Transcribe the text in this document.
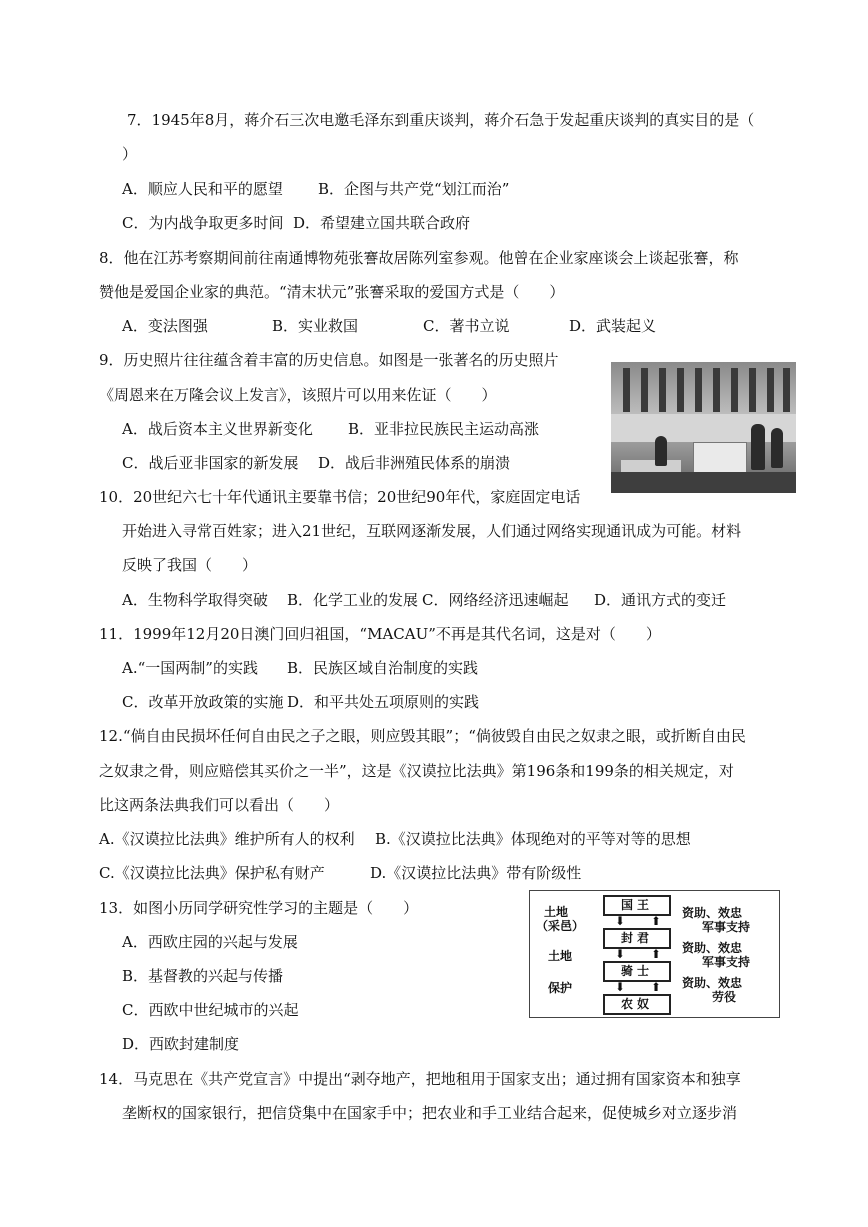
7．1945年8月，蒋介石三次电邀毛泽东到重庆谈判，蒋介石急于发起重庆谈判的真实目的是（
）
A．顺应人民和平的愿望 B．企图与共产党“划江而治”
C．为内战争取更多时间 D．希望建立国共联合政府
8．他在江苏考察期间前往南通博物苑张謇故居陈列室参观。他曾在企业家座谈会上谈起张謇，称
赞他是爱国企业家的典范。“清末状元”张謇采取的爱国方式是（　　）
A．变法图强	B．实业救国	C．著书立说	D．武装起义
9．历史照片往往蕴含着丰富的历史信息。如图是一张著名的历史照片
《周恩来在万隆会议上发言》，该照片可以用来佐证（　　）
A．战后资本主义世界新变化 B．亚非拉民族民主运动高涨
C．战后亚非国家的新发展 D．战后非洲殖民体系的崩溃
10．20世纪六七十年代通讯主要靠书信；20世纪90年代，家庭固定电话
开始进入寻常百姓家；进入21世纪，互联网逐渐发展，人们通过网络实现通讯成为可能。材料
反映了我国（　　）
A．生物科学取得突破 B．化学工业的发展 C．网络经济迅速崛起 D．通讯方式的变迁
11．1999年12月20日澳门回归祖国，“MACAU”不再是其代名词，这是对（　　）
A.“一国两制”的实践 B．民族区域自治制度的实践
C．改革开放政策的实施 D．和平共处五项原则的实践
12.“倘自由民损坏任何自由民之子之眼，则应毁其眼”；“倘彼毁自由民之奴隶之眼，或折断自由民
之奴隶之骨，则应赔偿其买价之一半”，这是《汉谟拉比法典》第196条和199条的相关规定，对
比这两条法典我们可以看出（　　）
A.《汉谟拉比法典》维护所有人的权利 B.《汉谟拉比法典》体现绝对的平等对等的思想
C.《汉谟拉比法典》保护私有财产	D.《汉谟拉比法典》带有阶级性
13．如图小历同学研究性学习的主题是（　　）
A．西欧庄园的兴起与发展
B．基督教的兴起与传播
C．西欧中世纪城市的兴起
D．西欧封建制度
国王
封君
骑士
农奴
⬇ ⬆
⬇ ⬆
⬇ ⬆
土地
（采邑）
土地
保护
资助、效忠
军事支持
资助、效忠
军事支持
资助、效忠
劳役
14．马克思在《共产党宣言》中提出“剥夺地产，把地租用于国家支出；通过拥有国家资本和独享
垄断权的国家银行，把信贷集中在国家手中；把农业和手工业结合起来，促使城乡对立逐步消
